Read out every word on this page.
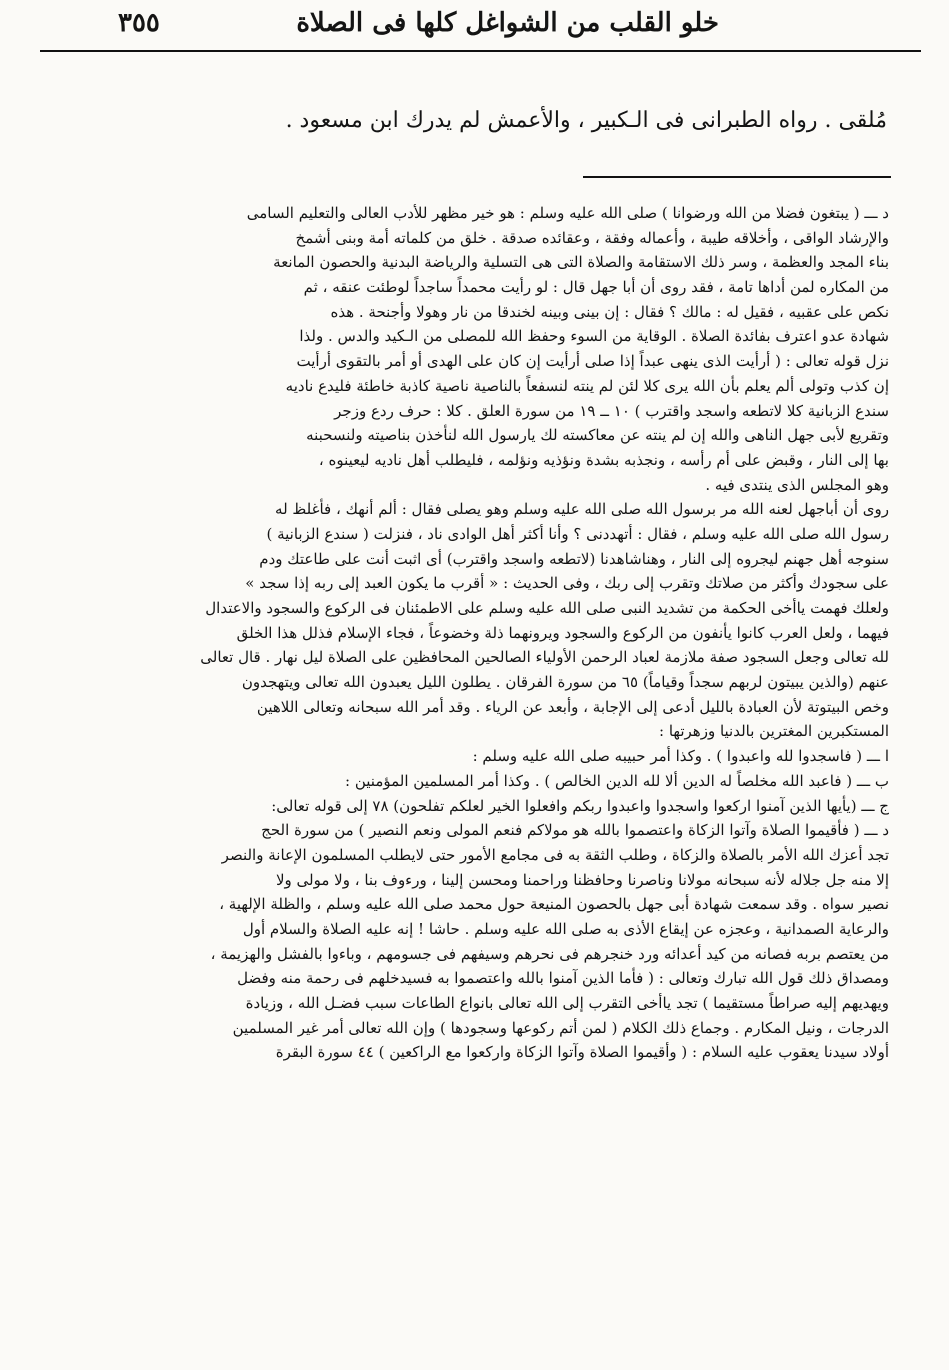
خلو القلب من الشواغل كلها فى الصلاة
٣٥٥
مُلقى . رواه الطبرانى فى الـكبير ، والأعمش لم يدرك ابن مسعود .
د ـــ ( يبتغون فضلا من الله ورضوانا ) صلى الله عليه وسلم : هو خير مظهر للأدب العالى والتعليم السامى
والإرشاد الواقى ، وأخلاقه طيبة ، وأعماله وفقة ، وعقائده صدقة . خلق من كلماته أمة وبنى أشمخ
بناء المجد والعظمة ، وسر ذلك الاستقامة والصلاة التى هى التسلية والرياضة البدنية والحصون المانعة
من المكاره لمن أداها تامة ، فقد روى أن أبا جهل قال : لو رأيت محمداً ساجداً لوطئت عنقه ، ثم
نكص على عقبيه ، فقيل له : مالك ؟ فقال : إن بينى وبينه لخندقا من نار وهولا وأجنحة . هذه
شهادة عدو اعترف بفائدة الصلاة . الوقاية من السوء وحفظ الله للمصلى من الـكيد والدس . ولذا
نزل قوله تعالى : ( أرأيت الذى ينهى عبداً إذا صلى أرأيت إن كان على الهدى أو أمر بالتقوى أرأيت
إن كذب وتولى ألم يعلم بأن الله يرى كلا لئن لم ينته لنسفعاً بالناصية ناصية كاذبة خاطئة فليدع ناديه
سندع الزبانية كلا لاتطعه واسجد واقترب ) ١٠ ــ ١٩ من سورة العلق . كلا : حرف ردع وزجر
وتقريع لأبى جهل الناهى والله إن لم ينته عن معاكسته لك يارسول الله لنأخذن بناصيته ولنسحبنه
بها إلى النار ، وقبض على أم رأسه ، ونجذبه بشدة ونؤذيه ونؤلمه ، فليطلب أهل ناديه ليعينوه ،
وهو المجلس الذى ينتدى فيه .
روى أن أباجهل لعنه الله مر برسول الله صلى الله عليه وسلم وهو يصلى فقال : ألم أنهك ، فأغلظ له
رسول الله صلى الله عليه وسلم ، فقال : أتهددنى ؟ وأنا أكثر أهل الوادى ناد ، فنزلت ( سندع الزبانية )
سنوجه أهل جهنم ليجروه إلى النار ، وهناشاهدنا (لاتطعه واسجد واقترب) أى اثبت أنت على طاعتك ودم
على سجودك وأكثر من صلاتك وتقرب إلى ربك ، وفى الحديث : « أقرب ما يكون العبد إلى ربه إذا سجد »
ولعلك فهمت ياأخى الحكمة من تشديد النبى صلى الله عليه وسلم على الاطمئنان فى الركوع والسجود والاعتدال
فيهما ، ولعل العرب كانوا يأنفون من الركوع والسجود ويرونهما ذلة وخضوعاً ، فجاء الإسلام فذلل هذا الخلق
لله تعالى وجعل السجود صفة ملازمة لعباد الرحمن الأولياء الصالحين المحافظين على الصلاة ليل نهار . قال تعالى
عنهم (والذين يبيتون لربهم سجداً وقياماً) ٦٥ من سورة الفرقان . يطلون الليل يعبدون الله تعالى ويتهجدون
وخص البيتوتة لأن العبادة بالليل أدعى إلى الإجابة ، وأبعد عن الرياء . وقد أمر الله سبحانه وتعالى اللاهين
المستكبرين المغترين بالدنيا وزهرتها :
ا ـــ ( فاسجدوا لله واعبدوا ) . وكذا أمر حبيبه صلى الله عليه وسلم :
ب ـــ ( فاعبد الله مخلصاً له الدين ألا لله الدين الخالص ) . وكذا أمر المسلمين المؤمنين :
ج ـــ (يأيها الذين آمنوا اركعوا واسجدوا واعبدوا ربكم وافعلوا الخير لعلكم تفلحون) ٧٨ إلى قوله تعالى:
د ـــ ( فأقيموا الصلاة وآتوا الزكاة واعتصموا بالله هو مولاكم فنعم المولى ونعم النصير ) من سورة الحج
تجد أعزك الله الأمر بالصلاة والزكاة ، وطلب الثقة به فى مجامع الأمور حتى لايطلب المسلمون الإعانة والنصر
إلا منه جل جلاله لأنه سبحانه مولانا وناصرنا وحافظنا وراحمنا ومحسن إلينا ، ورءوف بنا ، ولا مولى ولا
نصير سواه . وقد سمعت شهادة أبى جهل بالحصون المنيعة حول محمد صلى الله عليه وسلم ، والظلة الإلهية ،
والرعاية الصمدانية ، وعجزه عن إيقاع الأذى به صلى الله عليه وسلم . حاشا ! إنه عليه الصلاة والسلام أول
من يعتصم بربه فصانه من كيد أعدائه ورد خنجرهم فى نحرهم وسيفهم فى جسومهم ، وباءوا بالفشل والهزيمة ،
ومصداق ذلك قول الله تبارك وتعالى : ( فأما الذين آمنوا بالله واعتصموا به فسيدخلهم فى رحمة منه وفضل
ويهديهم إليه صراطاً مستقيما ) تجد ياأخى التقرب إلى الله تعالى بانواع الطاعات سبب فضـل الله ، وزيادة
الدرجات ، ونيل المكارم . وجماع ذلك الكلام ( لمن أتم ركوعها وسجودها ) وإن الله تعالى أمر غير المسلمين
أولاد سيدنا يعقوب عليه السلام : ( وأقيموا الصلاة وآتوا الزكاة واركعوا مع الراكعين ) ٤٤ سورة البقرة
